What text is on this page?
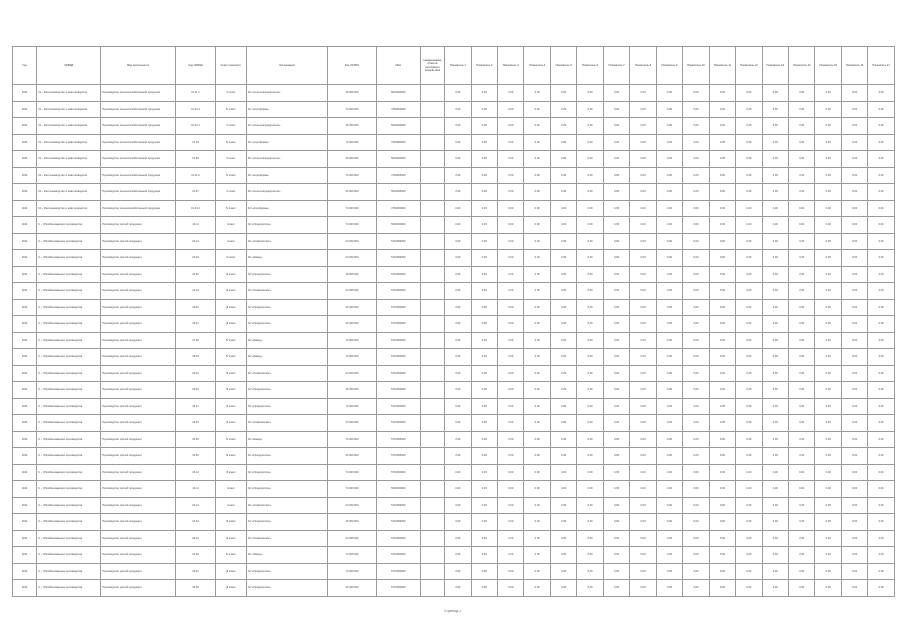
Год	ОКВЭД	Вид деятельности	Код ОКВЭД	Класс опасности	Организация	Код ОКТМО	ИНН	Наименование объекта негативного воздействия	Показатель 1	Показатель 2	Показатель 3	Показатель 4	Показатель 5	Показатель 6	Показатель 7	Показатель 8	Показатель 9	Показатель 10	Показатель 11	Показатель 12	Показатель 13	Показатель 14	Показатель 15	Показатель 16	Показатель 17
2011	01 – Растениеводство и животноводство	Производство сельскохозяйственной продукции	01.11.1	V класс	АО «Сельхозпредприятие»	46 000 000	5032000000		0,00	0,00	0,00	0,00	0,00	0,00	0,00	0,00	0,00	0,00	0,00	0,00	0,00	0,00	0,00	0,00	0,00
2011	01 – Растениеводство и животноводство	Производство сельскохозяйственной продукции	01.13.1	IV класс	АО «Агрофирма»	74 000 000	7453000000		0,00	0,00	0,00	0,00	0,00	0,00	0,00	0,00	0,00	0,00	0,00	0,00	0,00	0,00	0,00	0,00	0,00
2011	01 – Растениеводство и животноводство	Производство сельскохозяйственной продукции	01.41.1	V класс	АО «Сельхозпредприятие»	46 000 000	5032000000		0,00	0,00	0,00	0,00	0,00	0,00	0,00	0,00	0,00	0,00	0,00	0,00	0,00	0,00	0,00	0,00	0,00
2011	01 – Растениеводство и животноводство	Производство сельскохозяйственной продукции	01.24	IV класс	АО «Агрофирма»	74 000 000	7453000000		0,00	0,00	0,00	0,00	0,00	0,00	0,00	0,00	0,00	0,00	0,00	0,00	0,00	0,00	0,00	0,00	0,00
2011	01 – Растениеводство и животноводство	Производство сельскохозяйственной продукции	01.50	V класс	АО «Сельхозпредприятие»	46 000 000	5032000000		0,00	0,00	0,00	0,00	0,00	0,00	0,00	0,00	0,00	0,00	0,00	0,00	0,00	0,00	0,00	0,00	0,00
2011	01 – Растениеводство и животноводство	Производство сельскохозяйственной продукции	01.11.2	IV класс	АО «Агрофирма»	74 000 000	7453000000		0,00	0,00	0,00	0,00	0,00	0,00	0,00	0,00	0,00	0,00	0,00	0,00	0,00	0,00	0,00	0,00	0,00
2011	01 – Растениеводство и животноводство	Производство сельскохозяйственной продукции	01.47	V класс	АО «Сельхозпредприятие»	46 000 000	5032000000		0,00	0,00	0,00	0,00	0,00	0,00	0,00	0,00	0,00	0,00	0,00	0,00	0,00	0,00	0,00	0,00	0,00
2011	01 – Растениеводство и животноводство	Производство сельскохозяйственной продукции	01.13.2	IV класс	АО «Агрофирма»	74 000 000	7453000000		0,00	0,00	0,00	0,00	0,00	0,00	0,00	0,00	0,00	0,00	0,00	0,00	0,00	0,00	0,00	0,00	0,00
2011	С – Обрабатывающие производства	Производство прочей продукции	10.11	I класс	АО «Предприятие»	74 000 000	5032000000		0,00	0,00	0,00	0,00	0,00	0,00	0,00	0,00	0,00	0,00	0,00	0,00	0,00	0,00	0,00	0,00	0,00
2011	С – Обрабатывающие производства	Производство прочей продукции	20.13	I класс	АО «Химкомплекс»	24 000 000	5710000000		0,00	0,00	0,00	0,00	0,00	0,00	0,00	0,00	0,00	0,00	0,00	0,00	0,00	0,00	0,00	0,00	0,00
2011	С – Обрабатывающие производства	Производство прочей продукции	20.16	II класс	АО «Завод»	24 000 000	5710000000		0,00	0,00	0,00	0,00	0,00	0,00	0,00	0,00	0,00	0,00	0,00	0,00	0,00	0,00	0,00	0,00	0,00
2011	С – Обрабатывающие производства	Производство прочей продукции	23.51	III класс	АО «Предприятие»	46 000 000	5710000000		0,00	0,00	0,00	0,00	0,00	0,00	0,00	0,00	0,00	0,00	0,00	0,00	0,00	0,00	0,00	0,00	0,00
2011	С – Обрабатывающие производства	Производство прочей продукции	24.10	III класс	АО «Химкомплекс»	24 000 000	5710000000		0,00	0,00	0,00	0,00	0,00	0,00	0,00	0,00	0,00	0,00	0,00	0,00	0,00	0,00	0,00	0,00	0,00
2011	С – Обрабатывающие производства	Производство прочей продукции	24.42	III класс	АО «Предприятие»	46 000 000	5710000000		0,00	0,00	0,00	0,00	0,00	0,00	0,00	0,00	0,00	0,00	0,00	0,00	0,00	0,00	0,00	0,00	0,00
2011	С – Обрабатывающие производства	Производство прочей продукции	25.11	III класс	АО «Предприятие»	46 000 000	5710000000		0,00	0,00	0,00	0,00	0,00	0,00	0,00	0,00	0,00	0,00	0,00	0,00	0,00	0,00	0,00	0,00	0,00
2011	С – Обрабатывающие производства	Производство прочей продукции	27.90	IV класс	АО «Завод»	74 000 000	5710000000		0,00	0,00	0,00	0,00	0,00	0,00	0,00	0,00	0,00	0,00	0,00	0,00	0,00	0,00	0,00	0,00	0,00
2011	С – Обрабатывающие производства	Производство прочей продукции	28.29	IV класс	АО «Завод»	74 000 000	5710000000		0,00	0,00	0,00	0,00	0,00	0,00	0,00	0,00	0,00	0,00	0,00	0,00	0,00	0,00	0,00	0,00	0,00
2011	С – Обрабатывающие производства	Производство прочей продукции	29.10	III класс	АО «Химкомплекс»	24 000 000	5710000000		0,00	0,00	0,00	0,00	0,00	0,00	0,00	0,00	0,00	0,00	0,00	0,00	0,00	0,00	0,00	0,00	0,00
2011	С – Обрабатывающие производства	Производство прочей продукции	29.32	III класс	АО «Предприятие»	46 000 000	5710000000		0,00	0,00	0,00	0,00	0,00	0,00	0,00	0,00	0,00	0,00	0,00	0,00	0,00	0,00	0,00	0,00	0,00
2011	С – Обрабатывающие производства	Производство прочей продукции	30.11	III класс	АО «Предприятие»	74 000 000	5710000000		0,00	0,00	0,00	0,00	0,00	0,00	0,00	0,00	0,00	0,00	0,00	0,00	0,00	0,00	0,00	0,00	0,00
2011	С – Обрабатывающие производства	Производство прочей продукции	30.20	III класс	АО «Химкомплекс»	24 000 000	5710000000		0,00	0,00	0,00	0,00	0,00	0,00	0,00	0,00	0,00	0,00	0,00	0,00	0,00	0,00	0,00	0,00	0,00
2011	С – Обрабатывающие производства	Производство прочей продукции	30.30	IV класс	АО «Завод»	74 000 000	5710000000		0,00	0,00	0,00	0,00	0,00	0,00	0,00	0,00	0,00	0,00	0,00	0,00	0,00	0,00	0,00	0,00	0,00
2011	С – Обрабатывающие производства	Производство прочей продукции	32.50	III класс	АО «Предприятие»	46 000 000	5710000000		0,00	0,00	0,00	0,00	0,00	0,00	0,00	0,00	0,00	0,00	0,00	0,00	0,00	0,00	0,00	0,00	0,00
2011	С – Обрабатывающие производства	Производство прочей продукции	33.12	III класс	АО «Предприятие»	74 000 000	5710000000		0,00	0,00	0,00	0,00	0,00	0,00	0,00	0,00	0,00	0,00	0,00	0,00	0,00	0,00	0,00	0,00	0,00
2011	С – Обрабатывающие производства	Производство прочей продукции	10.11	I класс	АО «Предприятие»	74 000 000	5032000000		0,00	0,00	0,00	0,00	0,00	0,00	0,00	0,00	0,00	0,00	0,00	0,00	0,00	0,00	0,00	0,00	0,00
2011	С – Обрабатывающие производства	Производство прочей продукции	20.13	I класс	АО «Химкомплекс»	24 000 000	5710000000		0,00	0,00	0,00	0,00	0,00	0,00	0,00	0,00	0,00	0,00	0,00	0,00	0,00	0,00	0,00	0,00	0,00
2011	С – Обрабатывающие производства	Производство прочей продукции	24.42	III класс	АО «Предприятие»	46 000 000	5710000000		0,00	0,00	0,00	0,00	0,00	0,00	0,00	0,00	0,00	0,00	0,00	0,00	0,00	0,00	0,00	0,00	0,00
2011	С – Обрабатывающие производства	Производство прочей продукции	29.10	III класс	АО «Химкомплекс»	24 000 000	5710000000		0,00	0,00	0,00	0,00	0,00	0,00	0,00	0,00	0,00	0,00	0,00	0,00	0,00	0,00	0,00	0,00	0,00
2011	С – Обрабатывающие производства	Производство прочей продукции	30.30	IV класс	АО «Завод»	74 000 000	5710000000		0,00	0,00	0,00	0,00	0,00	0,00	0,00	0,00	0,00	0,00	0,00	0,00	0,00	0,00	0,00	0,00	0,00
2011	С – Обрабатывающие производства	Производство прочей продукции	33.12	III класс	АО «Предприятие»	74 000 000	5710000000		0,00	0,00	0,00	0,00	0,00	0,00	0,00	0,00	0,00	0,00	0,00	0,00	0,00	0,00	0,00	0,00	0,00
2011	С – Обрабатывающие производства	Производство прочей продукции	32.50	III класс	АО «Предприятие»	46 000 000	5710000000		0,00	0,00	0,00	0,00	0,00	0,00	0,00	0,00	0,00	0,00	0,00	0,00	0,00	0,00	0,00	0,00	0,00
Страница 1
